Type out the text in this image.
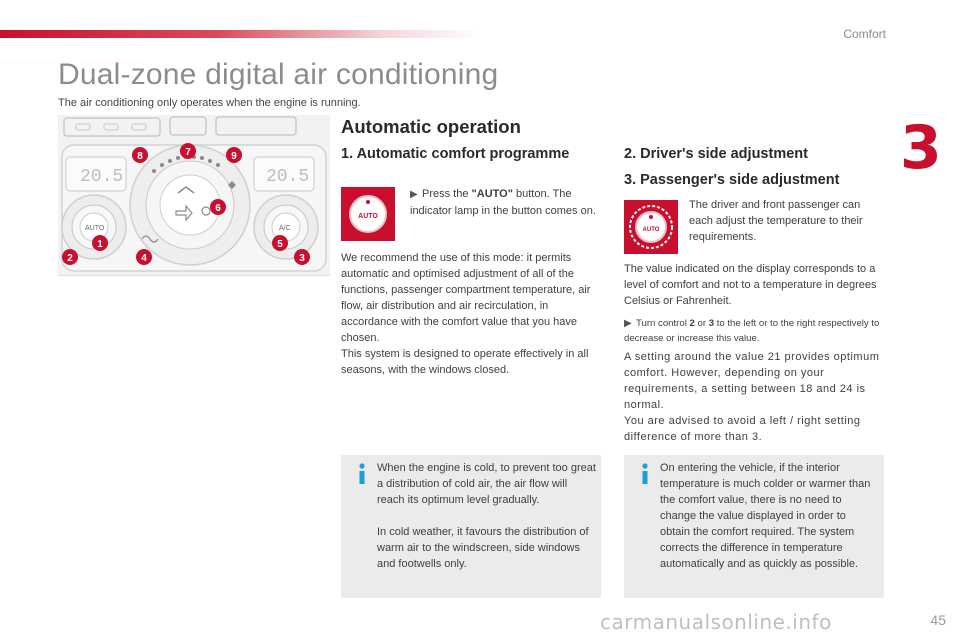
Comfort
3
Dual-zone digital air conditioning
The air conditioning only operates when the engine is running.
20.5	20.5
AUTO	A/C
1
2	3
4
5
6
7
8	9
Automatic operation
1. Automatic comfort programme
AUTO

▶ Press the "AUTO" button. The indicator lamp in the button comes on.

We recommend the use of this mode: it permits automatic and optimised adjustment of all of the functions, passenger compartment temperature, air flow, air distribution and air recirculation, in accordance with the comfort value that you have chosen.

This system is designed to operate effectively in all seasons, with the windows closed.

When the engine is cold, to prevent too great a distribution of cold air, the air flow will reach its optimum level gradually.

In cold weather, it favours the distribution of warm air to the windscreen, side windows and footwells only.

2. Driver's side adjustment
3. Passenger's side adjustment
AUTO

The driver and front passenger can each adjust the temperature to their requirements.

The value indicated on the display corresponds to a level of comfort and not to a temperature in degrees Celsius or Fahrenheit.

▶ Turn control 2 or 3 to the left or to the right respectively to decrease or increase this value.

A setting around the value 21 provides optimum comfort. However, depending on your requirements, a setting between 18 and 24 is normal.

You are advised to avoid a left / right setting difference of more than 3.

On entering the vehicle, if the interior temperature is much colder or warmer than the comfort value, there is no need to change the value displayed in order to obtain the comfort required. The system corrects the difference in temperature automatically and as quickly as possible.

carmanualsonline.info	45
